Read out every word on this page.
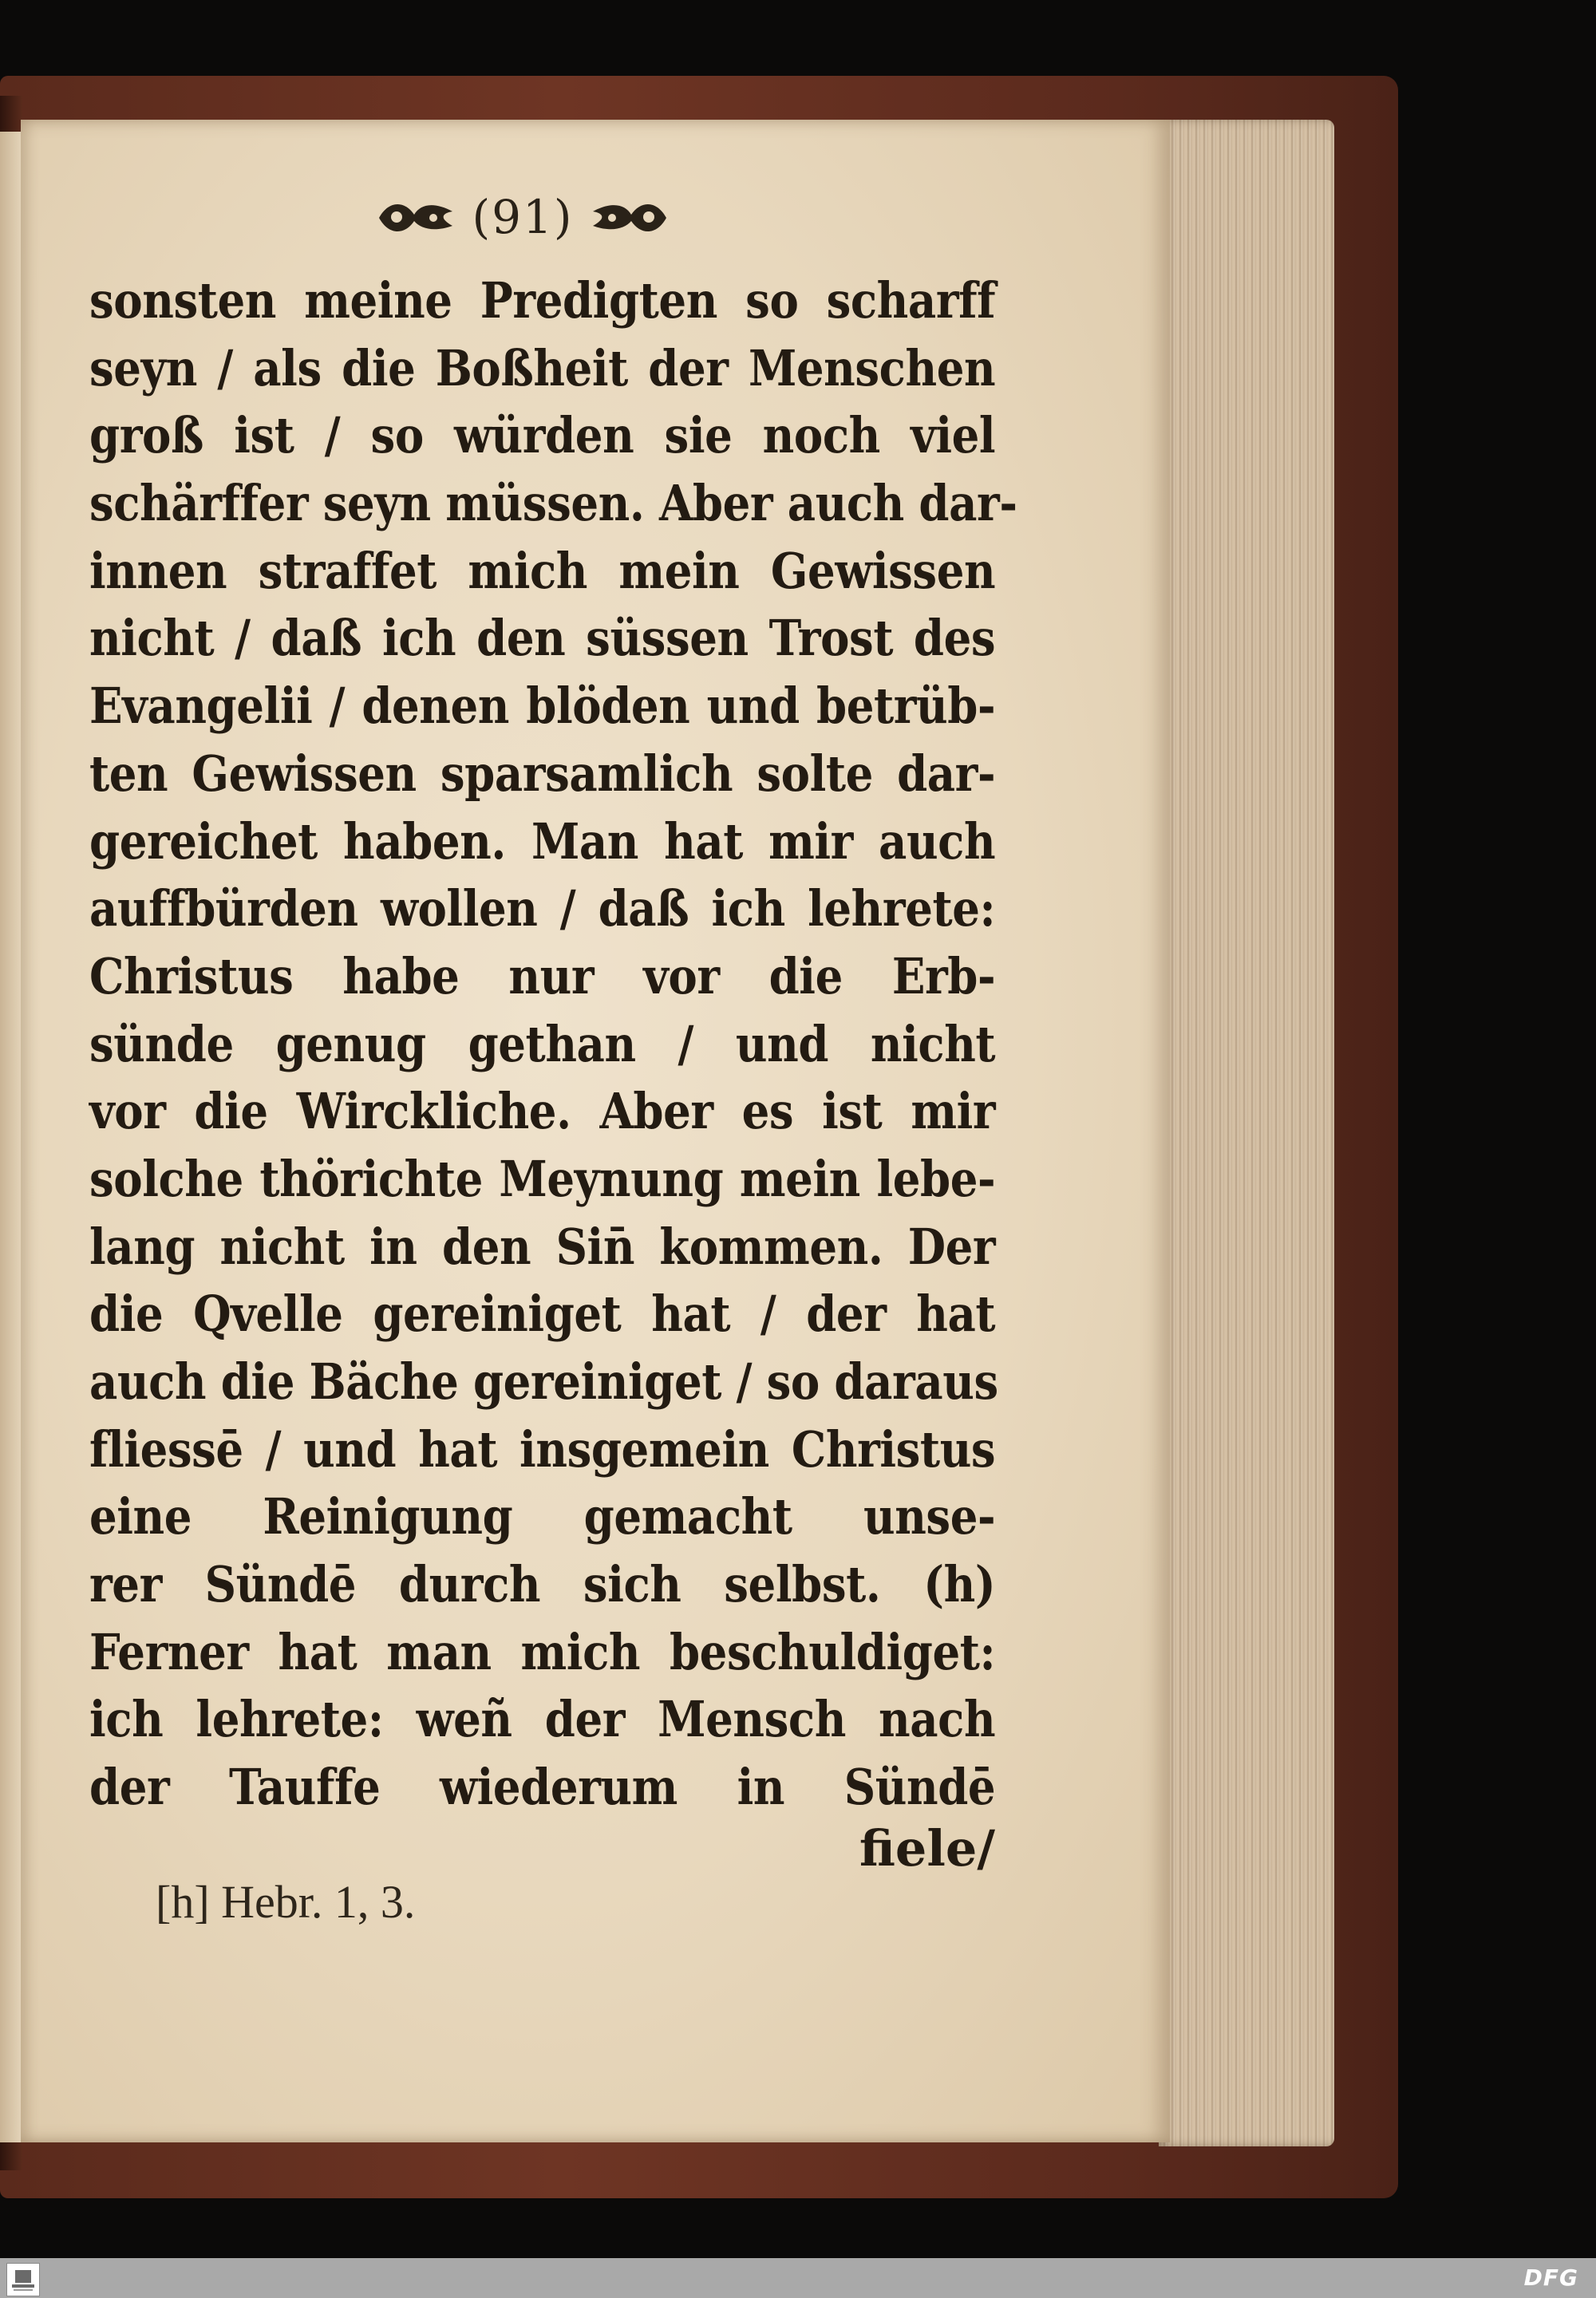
(91)
sonsten meine Predigten so scharff
seyn / als die Boßheit der Menschen
groß ist / so würden sie noch viel
schärffer seyn müssen. Aber auch dar-
innen straffet mich mein Gewissen
nicht / daß ich den süssen Trost des
Evangelii / denen blöden und betrüb-
ten Gewissen sparsamlich solte dar-
gereichet haben. Man hat mir auch
auffbürden wollen / daß ich lehrete:
Christus habe nur vor die Erb-
sünde genug gethan / und nicht
vor die Wirckliche. Aber es ist mir
solche thörichte Meynung mein lebe-
lang nicht in den Sin̄ kommen. Der
die Qvelle gereiniget hat / der hat
auch die Bäche gereiniget / so daraus
fliessē / und hat insgemein Christus
eine Reinigung gemacht unse-
rer Sündē durch sich selbst. (h)
Ferner hat man mich beschuldiget:
ich lehrete: weñ der Mensch nach
der Tauffe wiederum in Sündē
fiele/
[h] Hebr. 1, 3.
DFG
